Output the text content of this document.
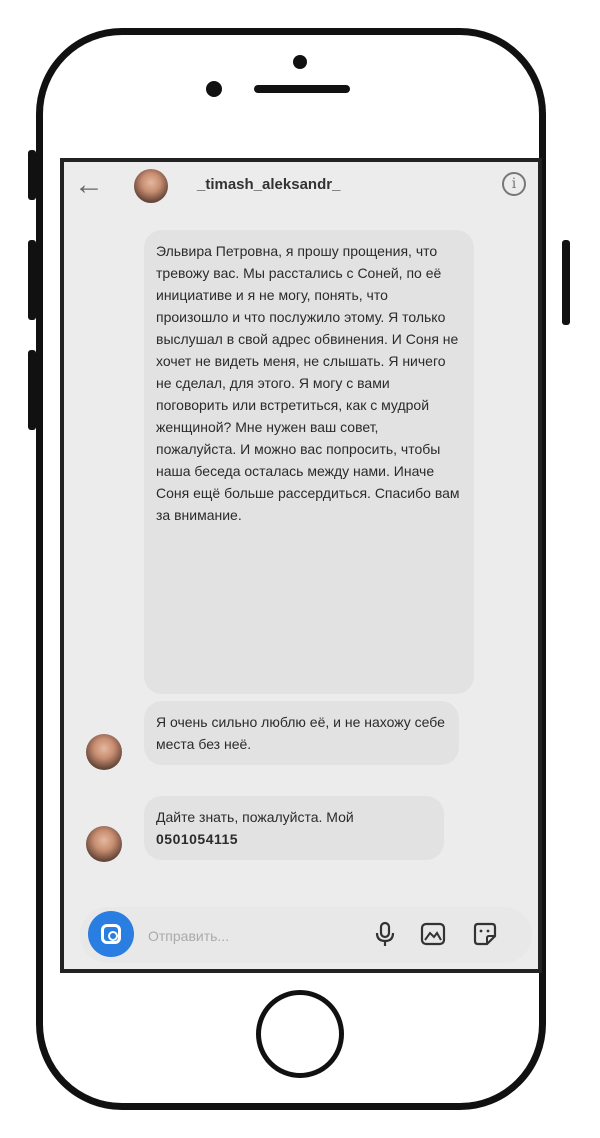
←	_timash_aleksandr_	i
Эльвира Петровна, я прошу прощения, что тревожу вас. Мы расстались с Соней, по её инициативе и я не могу, понять, что произошло и что послужило этому. Я только выслушал в свой адрес обвинения. И Соня не хочет не видеть меня, не слышать. Я ничего не сделал, для этого. Я могу с вами поговорить или встретиться, как с мудрой женщиной? Мне нужен ваш совет, пожалуйста. И можно вас попросить, чтобы наша беседа осталась между нами. Иначе Соня ещё больше рассердиться. Спасибо вам за внимание.
Я очень сильно люблю её, и не нахожу себе места без неё.
Дайте знать, пожалуйста. Мой
0501054115
Отправить...
